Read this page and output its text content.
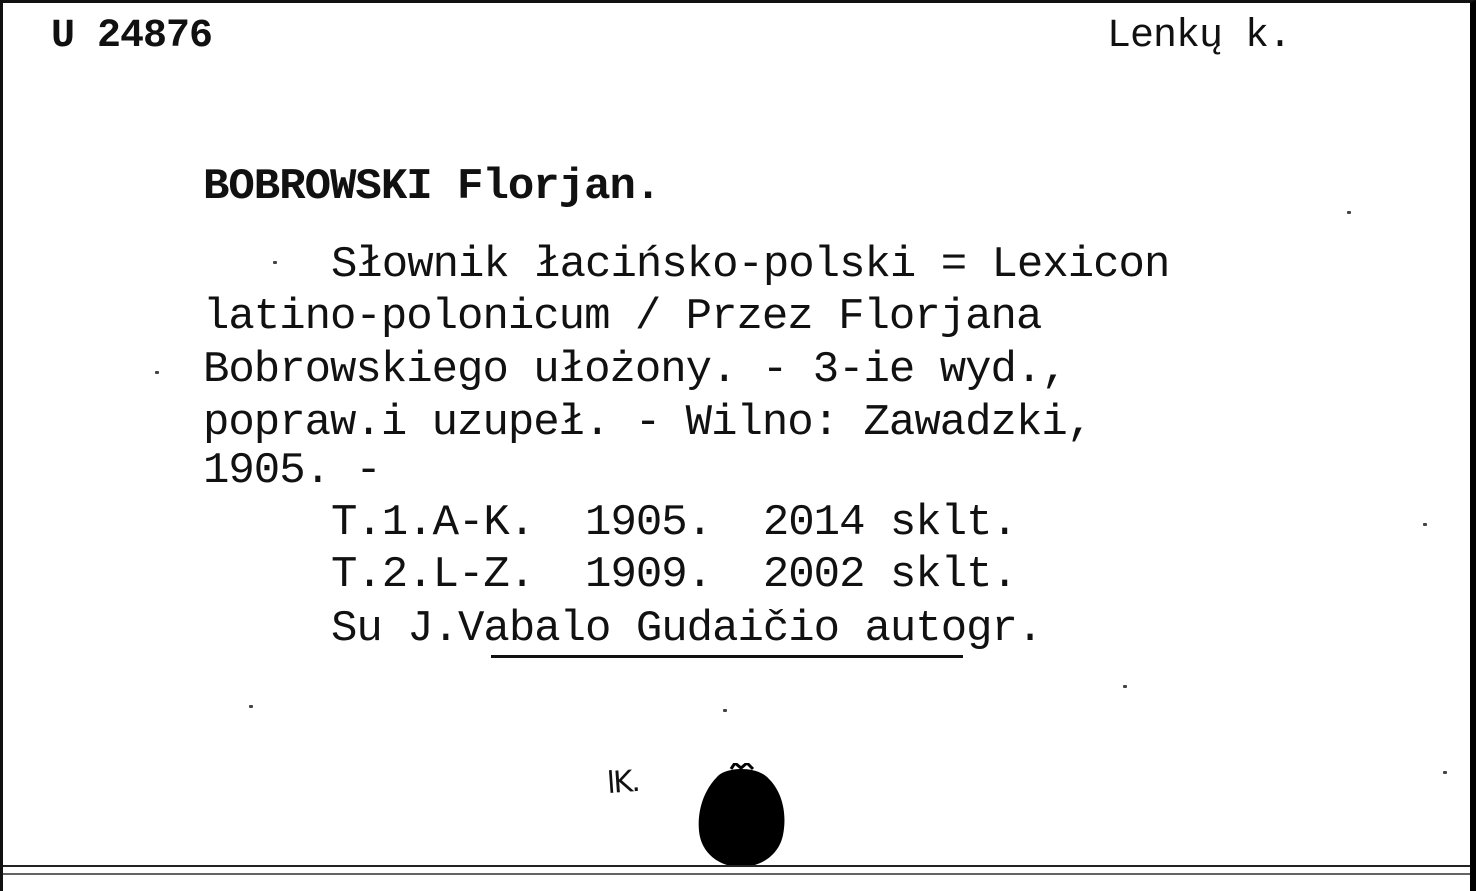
U 24876	Lenkų k.
BOBROWSKI Florjan.
Słownik łacińsko-polski = Lexicon
latino-polonicum / Przez Florjana
Bobrowskiego ułożony. - 3-ie wyd.,
popraw.i uzupeł. - Wilno: Zawadzki,
1905. -
T.1.A-K.  1905.  2014 sklt.
T.2.L-Z.  1909.  2002 sklt.
Su J.Vabalo Gudaičio autogr.
lK.
